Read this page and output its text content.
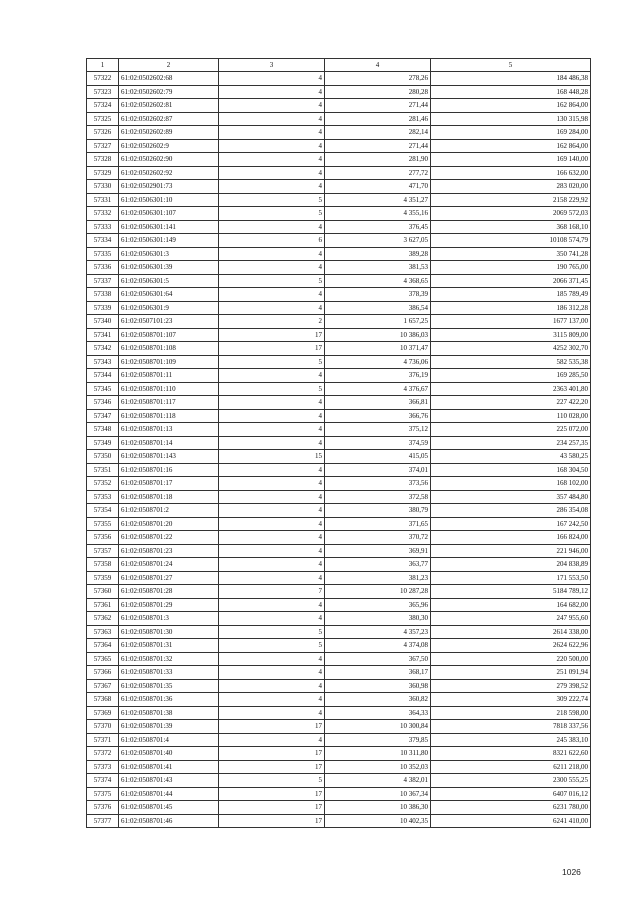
1	2	3	4	5
57322	61:02:0502602:68	4	278,26	184 486,38
57323	61:02:0502602:79	4	280,28	168 448,28
57324	61:02:0502602:81	4	271,44	162 864,00
57325	61:02:0502602:87	4	281,46	130 315,98
57326	61:02:0502602:89	4	282,14	169 284,00
57327	61:02:0502602:9	4	271,44	162 864,00
57328	61:02:0502602:90	4	281,90	169 140,00
57329	61:02:0502602:92	4	277,72	166 632,00
57330	61:02:0502901:73	4	471,70	283 020,00
57331	61:02:0506301:10	5	4 351,27	2158 229,92
57332	61:02:0506301:107	5	4 355,16	2069 572,03
57333	61:02:0506301:141	4	376,45	368 168,10
57334	61:02:0506301:149	6	3 627,05	10108 574,79
57335	61:02:0506301:3	4	389,28	350 741,28
57336	61:02:0506301:39	4	381,53	190 765,00
57337	61:02:0506301:5	5	4 368,65	2066 371,45
57338	61:02:0506301:64	4	378,39	185 789,49
57339	61:02:0506301:9	4	386,54	186 312,28
57340	61:02:0507101:23	2	1 657,25	1677 137,00
57341	61:02:0508701:107	17	10 386,03	3115 809,00
57342	61:02:0508701:108	17	10 371,47	4252 302,70
57343	61:02:0508701:109	5	4 736,06	582 535,38
57344	61:02:0508701:11	4	376,19	169 285,50
57345	61:02:0508701:110	5	4 376,67	2363 401,80
57346	61:02:0508701:117	4	366,81	227 422,20
57347	61:02:0508701:118	4	366,76	110 028,00
57348	61:02:0508701:13	4	375,12	225 072,00
57349	61:02:0508701:14	4	374,59	234 257,35
57350	61:02:0508701:143	15	415,05	43 580,25
57351	61:02:0508701:16	4	374,01	168 304,50
57352	61:02:0508701:17	4	373,56	168 102,00
57353	61:02:0508701:18	4	372,58	357 484,80
57354	61:02:0508701:2	4	380,79	286 354,08
57355	61:02:0508701:20	4	371,65	167 242,50
57356	61:02:0508701:22	4	370,72	166 824,00
57357	61:02:0508701:23	4	369,91	221 946,00
57358	61:02:0508701:24	4	363,77	204 838,89
57359	61:02:0508701:27	4	381,23	171 553,50
57360	61:02:0508701:28	7	10 287,28	5184 789,12
57361	61:02:0508701:29	4	365,96	164 682,00
57362	61:02:0508701:3	4	380,30	247 955,60
57363	61:02:0508701:30	5	4 357,23	2614 338,00
57364	61:02:0508701:31	5	4 374,08	2624 622,96
57365	61:02:0508701:32	4	367,50	220 500,00
57366	61:02:0508701:33	4	368,17	251 091,94
57367	61:02:0508701:35	4	360,98	279 398,52
57368	61:02:0508701:36	4	360,82	309 222,74
57369	61:02:0508701:38	4	364,33	218 598,00
57370	61:02:0508701:39	17	10 300,84	7818 337,56
57371	61:02:0508701:4	4	379,85	245 383,10
57372	61:02:0508701:40	17	10 311,80	8321 622,60
57373	61:02:0508701:41	17	10 352,03	6211 218,00
57374	61:02:0508701:43	5	4 382,01	2300 555,25
57375	61:02:0508701:44	17	10 367,34	6407 016,12
57376	61:02:0508701:45	17	10 386,30	6231 780,00
57377	61:02:0508701:46	17	10 402,35	6241 410,00
1026
